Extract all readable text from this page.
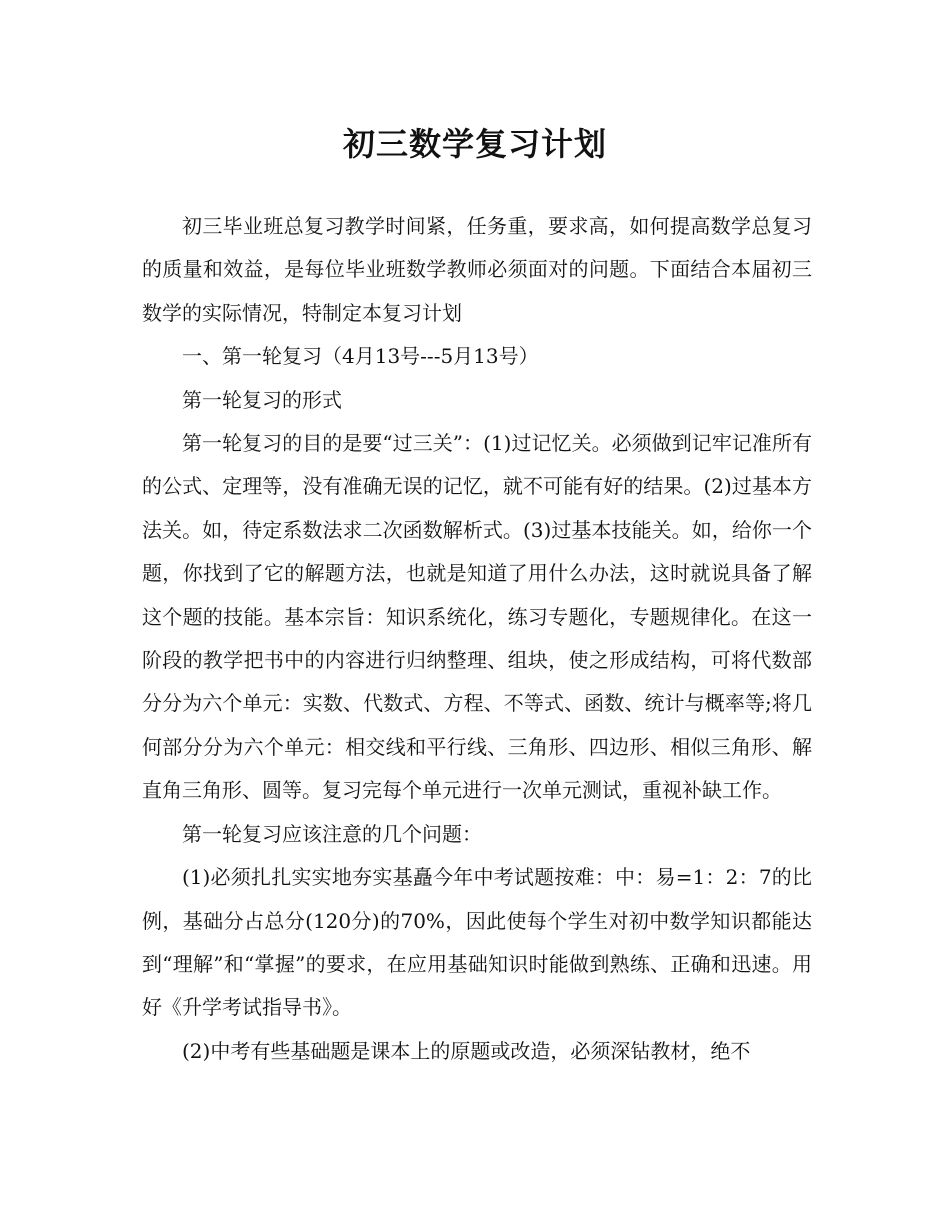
初三数学复习计划

初三毕业班总复习教学时间紧，任务重，要求高，如何提高数学总复习的质量和效益，是每位毕业班数学教师必须面对的问题。下面结合本届初三数学的实际情况，特制定本复习计划

一、第一轮复习（4月13号---5月13号）

第一轮复习的形式

第一轮复习的目的是要“过三关”：(1)过记忆关。必须做到记牢记准所有的公式、定理等，没有准确无误的记忆，就不可能有好的结果。(2)过基本方法关。如，待定系数法求二次函数解析式。(3)过基本技能关。如，给你一个题，你找到了它的解题方法，也就是知道了用什么办法，这时就说具备了解这个题的技能。基本宗旨：知识系统化，练习专题化，专题规律化。在这一阶段的教学把书中的内容进行归纳整理、组块，使之形成结构，可将代数部分分为六个单元：实数、代数式、方程、不等式、函数、统计与概率等;将几何部分分为六个单元：相交线和平行线、三角形、四边形、相似三角形、解直角三角形、圆等。复习完每个单元进行一次单元测试，重视补缺工作。

第一轮复习应该注意的几个问题：

(1)必须扎扎实实地夯实基矗今年中考试题按难：中：易=1：2：7的比例，基础分占总分(120分)的70%，因此使每个学生对初中数学知识都能达到“理解”和“掌握”的要求，在应用基础知识时能做到熟练、正确和迅速。用好《升学考试指导书》。

(2)中考有些基础题是课本上的原题或改造，必须深钻教材，绝不
